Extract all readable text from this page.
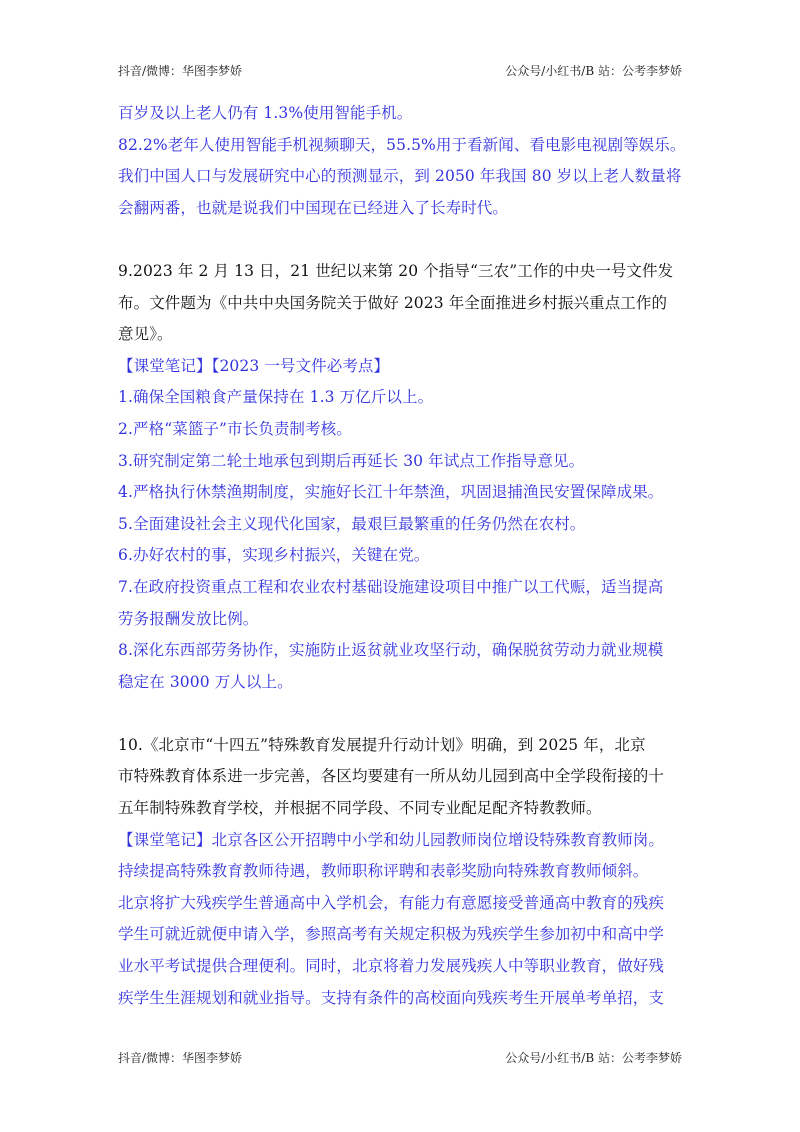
抖音/微博：华图李梦娇	公众号/小红书/B 站：公考李梦娇
百岁及以上老人仍有 1.3%使用智能手机。
82.2%老年人使用智能手机视频聊天，55.5%用于看新闻、看电影电视剧等娱乐。
我们中国人口与发展研究中心的预测显示，到 2050 年我国 80 岁以上老人数量将
会翻两番，也就是说我们中国现在已经进入了长寿时代。
9.2023 年 2 月 13 日，21 世纪以来第 20 个指导“三农”工作的中央一号文件发
布。文件题为《中共中央国务院关于做好 2023 年全面推进乡村振兴重点工作的
意见》。
【课堂笔记】【2023 一号文件必考点】
1.确保全国粮食产量保持在 1.3 万亿斤以上。
2.严格“菜篮子”市长负责制考核。
3.研究制定第二轮土地承包到期后再延长 30 年试点工作指导意见。
4.严格执行休禁渔期制度，实施好长江十年禁渔，巩固退捕渔民安置保障成果。
5.全面建设社会主义现代化国家，最艰巨最繁重的任务仍然在农村。
6.办好农村的事，实现乡村振兴，关键在党。
7.在政府投资重点工程和农业农村基础设施建设项目中推广以工代赈，适当提高
劳务报酬发放比例。
8.深化东西部劳务协作，实施防止返贫就业攻坚行动，确保脱贫劳动力就业规模
稳定在 3000 万人以上。
10.《北京市“十四五”特殊教育发展提升行动计划》明确，到 2025 年，北京
市特殊教育体系进一步完善，各区均要建有一所从幼儿园到高中全学段衔接的十
五年制特殊教育学校，并根据不同学段、不同专业配足配齐特教教师。
【课堂笔记】北京各区公开招聘中小学和幼儿园教师岗位增设特殊教育教师岗。
持续提高特殊教育教师待遇，教师职称评聘和表彰奖励向特殊教育教师倾斜。
北京将扩大残疾学生普通高中入学机会，有能力有意愿接受普通高中教育的残疾
学生可就近就便申请入学，参照高考有关规定积极为残疾学生参加初中和高中学
业水平考试提供合理便利。同时，北京将着力发展残疾人中等职业教育，做好残
疾学生生涯规划和就业指导。支持有条件的高校面向残疾考生开展单考单招，支
抖音/微博：华图李梦娇	公众号/小红书/B 站：公考李梦娇
